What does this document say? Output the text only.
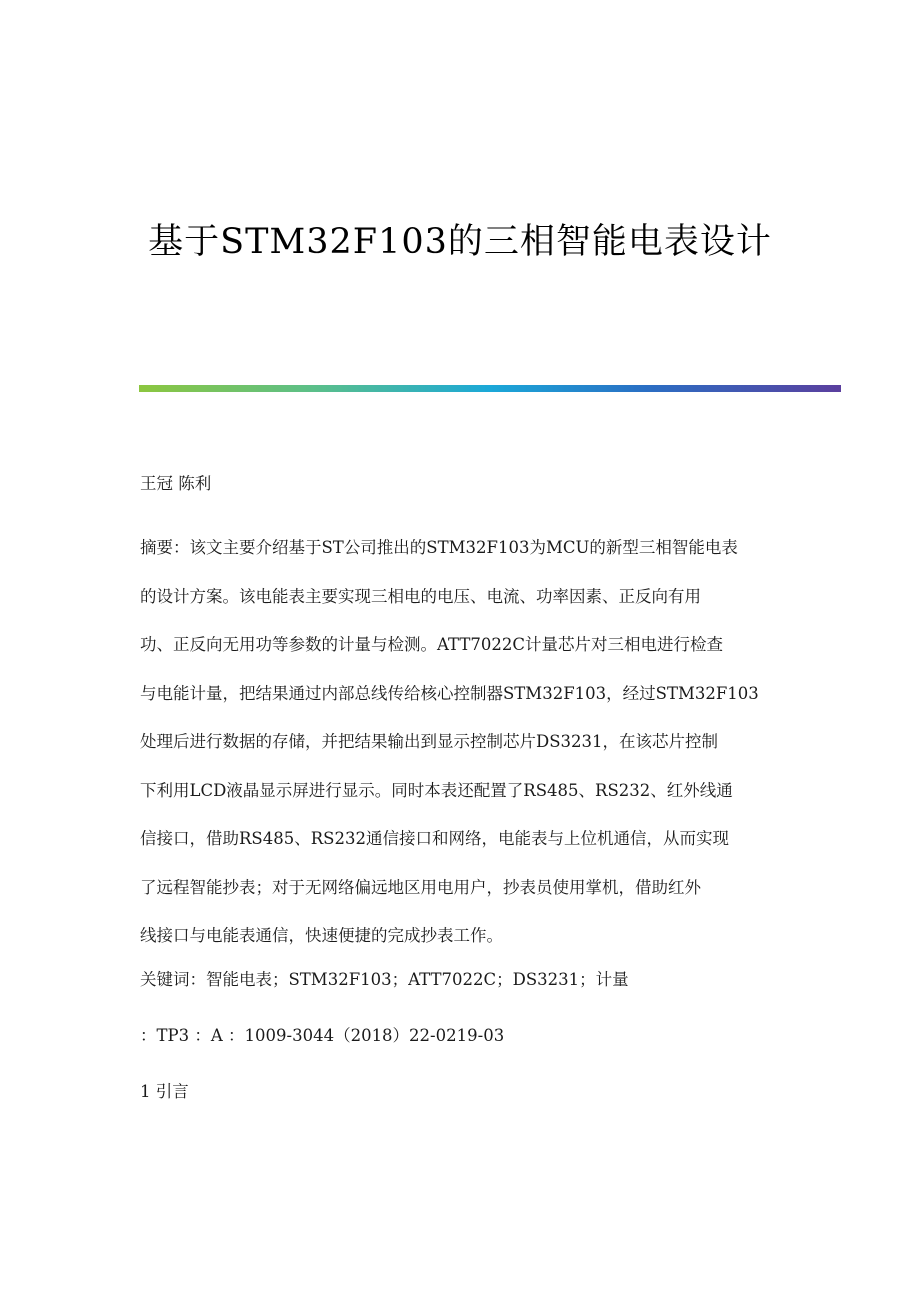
基于STM32F103的三相智能电表设计
王冠 陈利
摘要：该文主要介绍基于ST公司推出的STM32F103为MCU的新型三相智能电表
的设计方案。该电能表主要实现三相电的电压、电流、功率因素、正反向有用
功、正反向无用功等参数的计量与检测。ATT7022C计量芯片对三相电进行检查
与电能计量，把结果通过内部总线传给核心控制器STM32F103，经过STM32F103
处理后进行数据的存储，并把结果输出到显示控制芯片DS3231，在该芯片控制
下利用LCD液晶显示屏进行显示。同时本表还配置了RS485、RS232、红外线通
信接口，借助RS485、RS232通信接口和网络，电能表与上位机通信，从而实现
了远程智能抄表；对于无网络偏远地区用电用户，抄表员使用掌机，借助红外
线接口与电能表通信，快速便捷的完成抄表工作。
关键词：智能电表；STM32F103；ATT7022C；DS3231；计量
：TP3 ：A ：1009-3044（2018）22-0219-03
1 引言
